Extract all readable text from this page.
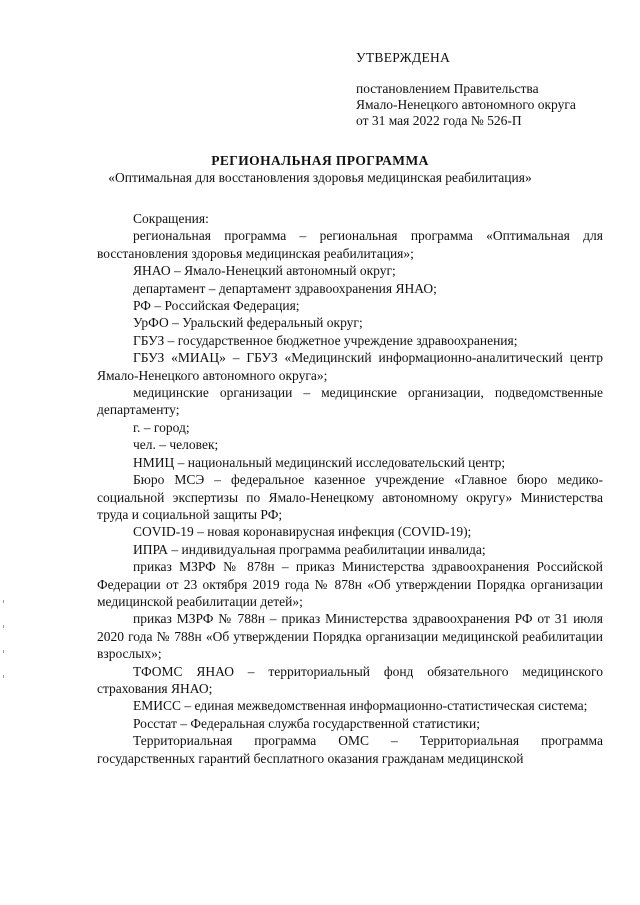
УТВЕРЖДЕНА
постановлением Правительства
Ямало-Ненецкого автономного округа
от 31 мая 2022 года № 526-П
РЕГИОНАЛЬНАЯ ПРОГРАММА
«Оптимальная для восстановления здоровья медицинская реабилитация»

Сокращения:

региональная программа – региональная программа «Оптимальная для восстановления здоровья медицинская реабилитация»;

ЯНАО – Ямало-Ненецкий автономный округ;

департамент – департамент здравоохранения ЯНАО;

РФ – Российская Федерация;

УрФО – Уральский федеральный округ;

ГБУЗ – государственное бюджетное учреждение здравоохранения;

ГБУЗ «МИАЦ» – ГБУЗ «Медицинский информационно-аналитический центр Ямало-Ненецкого автономного округа»;

медицинские организации – медицинские организации, подведомственные департаменту;

г. – город;

чел. – человек;

НМИЦ – национальный медицинский исследовательский центр;

Бюро МСЭ – федеральное казенное учреждение «Главное бюро медико-социальной экспертизы по Ямало-Ненецкому автономному округу» Министерства труда и социальной защиты РФ;

COVID-19 – новая коронавирусная инфекция (COVID-19);

ИПРА – индивидуальная программа реабилитации инвалида;

приказ МЗРФ № 878н – приказ Министерства здравоохранения Российской Федерации от 23 октября 2019 года № 878н «Об утверждении Порядка организации медицинской реабилитации детей»;

приказ МЗРФ № 788н – приказ Министерства здравоохранения РФ от 31 июля 2020 года № 788н «Об утверждении Порядка организации медицинской реабилитации взрослых»;

ТФОМС ЯНАО – территориальный фонд обязательного медицинского страхования ЯНАО;

ЕМИСС – единая межведомственная информационно-статистическая система;

Росстат – Федеральная служба государственной статистики;

Территориальная программа ОМС – Территориальная программа государственных гарантий бесплатного оказания гражданам медицинской
